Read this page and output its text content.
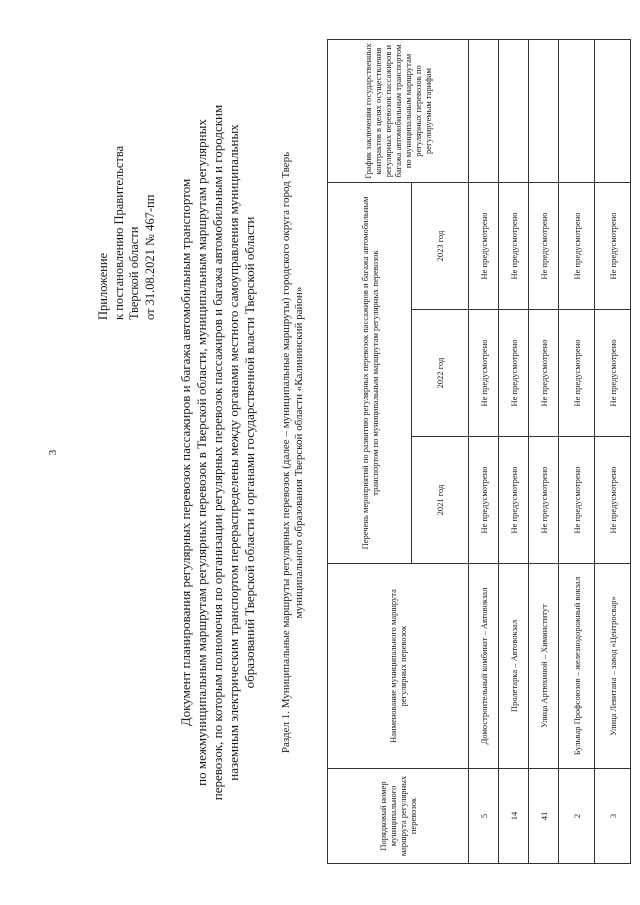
3
Приложение к постановлению Правительства Тверской области от 31.08.2021 № 467-пп Документ планирования регулярных перевозок пассажиров и багажа автомобильным транспортом по межмуниципальным маршрутам регулярных перевозок в Тверской области, муниципальным маршрутам регулярных перевозок, по которым полномочия по организации регулярных перевозок пассажиров и багажа автомобильным и городским наземным электрическим транспортом перераспределены между органами местного самоуправления муниципальных образований Тверской области и органами государственной власти Тверской области Раздел 1. Муниципальные маршруты регулярных перевозок (далее – муниципальные маршруты) городского округа город Тверь муниципального образования Тверской области «Калининский район»
Порядковый номер муниципального маршрута регулярных перевозок	Наименование муниципального маршрута регулярных перевозок	Перечень мероприятий по развитию регулярных перевозок пассажиров и багажа автомобильным транспортом по муниципальным маршрутам регулярных перевозок			График заключения государственных контрактов в целях осуществления регулярных перевозок пассажиров и багажа автомобильным транспортом по муниципальным маршрутам регулярных перевозок по регулируемым тарифам
		2021 год	2022 год	2023 год	
5	Домостроительный комбинат – Автовокзал	Не предусмотрено	Не предусмотрено	Не предусмотрено	
14	Пролетарка – Автовокзал	Не предусмотрено	Не предусмотрено	Не предусмотрено	
41	Улица Артюхиной – Химинститут	Не предусмотрено	Не предусмотрено	Не предусмотрено	
2	Бульвар Профсоюзов – железнодорожный вокзал	Не предусмотрено	Не предусмотрено	Не предусмотрено	
3	Улица Левитана – завод «Центросвар»	Не предусмотрено	Не предусмотрено	Не предусмотрено	
